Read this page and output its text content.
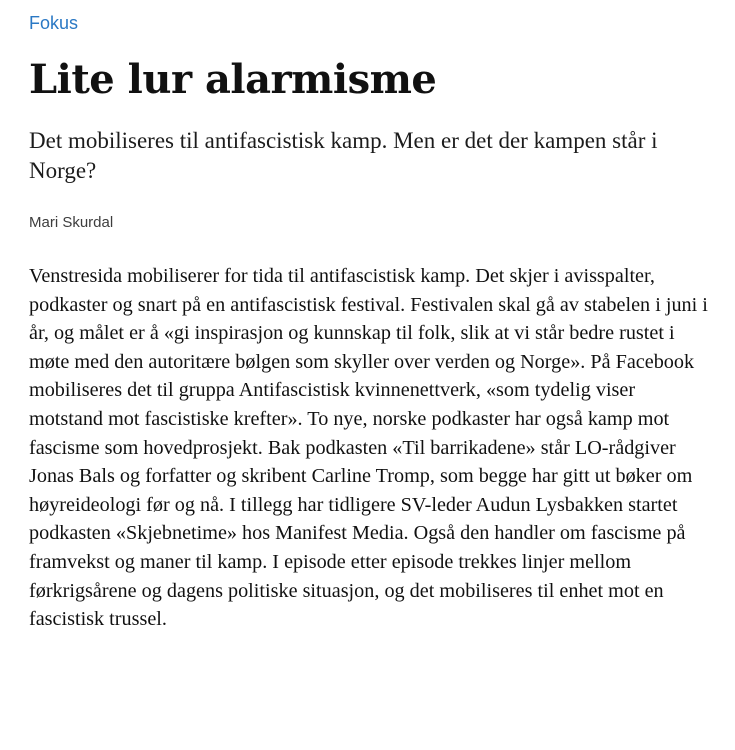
Fokus
Lite lur alarmisme

Det mobiliseres til antifascistisk kamp. Men er det der kampen står i Norge?

Mari Skurdal

Venstresida mobiliserer for tida til antifascistisk kamp. Det skjer i avisspalter, podkaster og snart på en antifascistisk festival. Festivalen skal gå av stabelen i juni i år, og målet er å «gi inspirasjon og kunnskap til folk, slik at vi står bedre rustet i møte med den autoritære bølgen som skyller over verden og Norge». På Facebook mobiliseres det til gruppa Antifascistisk kvinnenettverk, «som tydelig viser motstand mot fascistiske krefter». To nye, norske podkaster har også kamp mot fascisme som hovedprosjekt. Bak podkasten «Til barrikadene» står LO-rådgiver Jonas Bals og forfatter og skribent Carline Tromp, som begge har gitt ut bøker om høyreideologi før og nå. I tillegg har tidligere SV-leder Audun Lysbakken startet podkasten «Skjebnetime» hos Manifest Media. Også den handler om fascisme på framvekst og maner til kamp. I episode etter episode trekkes linjer mellom førkrigsårene og dagens politiske situasjon, og det mobiliseres til enhet mot en fascistisk trussel.
